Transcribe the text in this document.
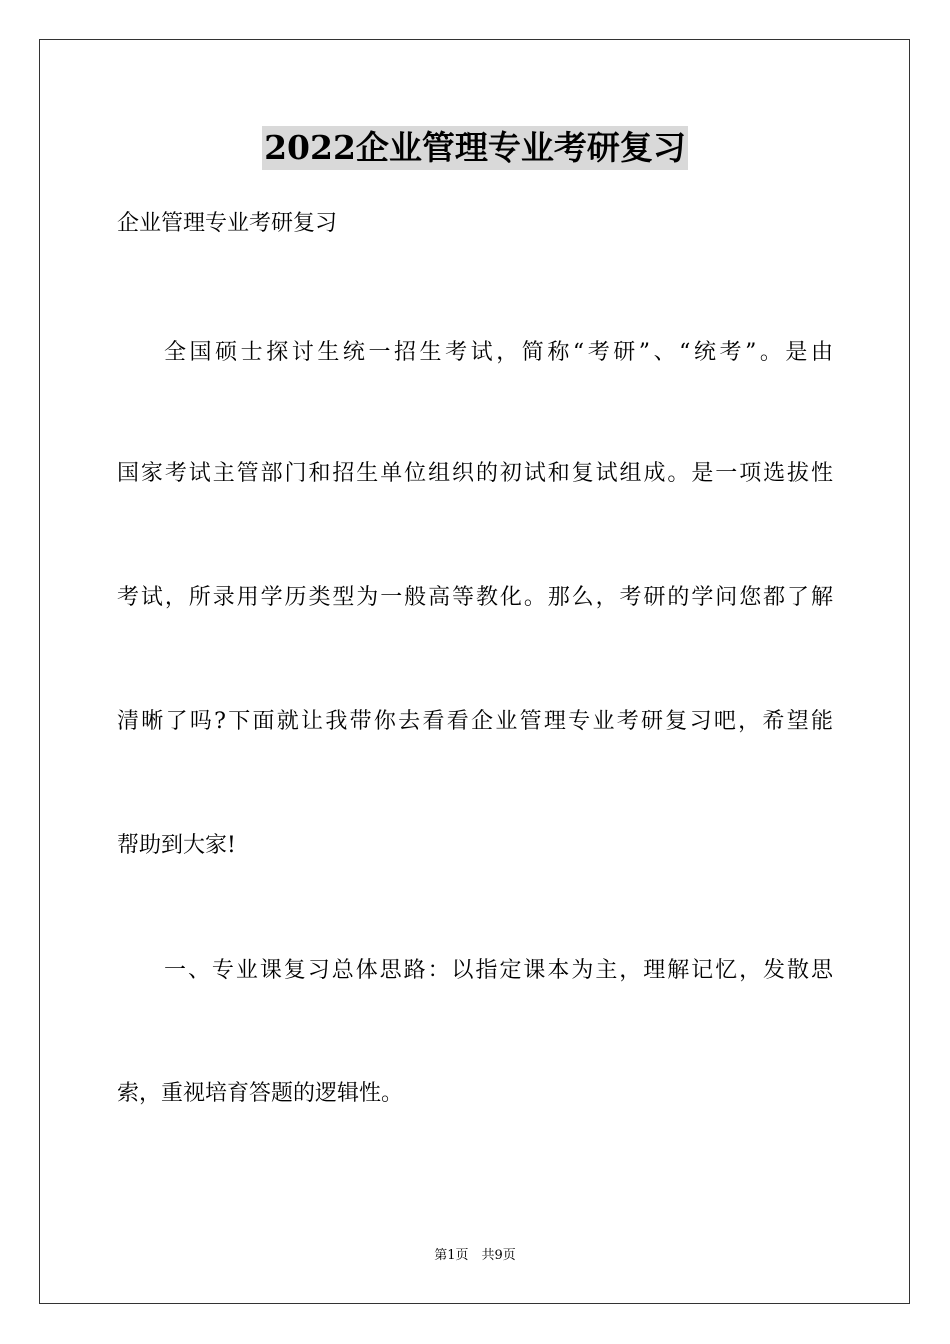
2022企业管理专业考研复习
企业管理专业考研复习
全国硕士探讨生统一招生考试，简称“考研”、“统考”。是由
国家考试主管部门和招生单位组织的初试和复试组成。是一项选拔性
考试，所录用学历类型为一般高等教化。那么，考研的学问您都了解
清晰了吗?下面就让我带你去看看企业管理专业考研复习吧，希望能
帮助到大家!
一、专业课复习总体思路：以指定课本为主，理解记忆，发散思
索，重视培育答题的逻辑性。
第1页　共9页
